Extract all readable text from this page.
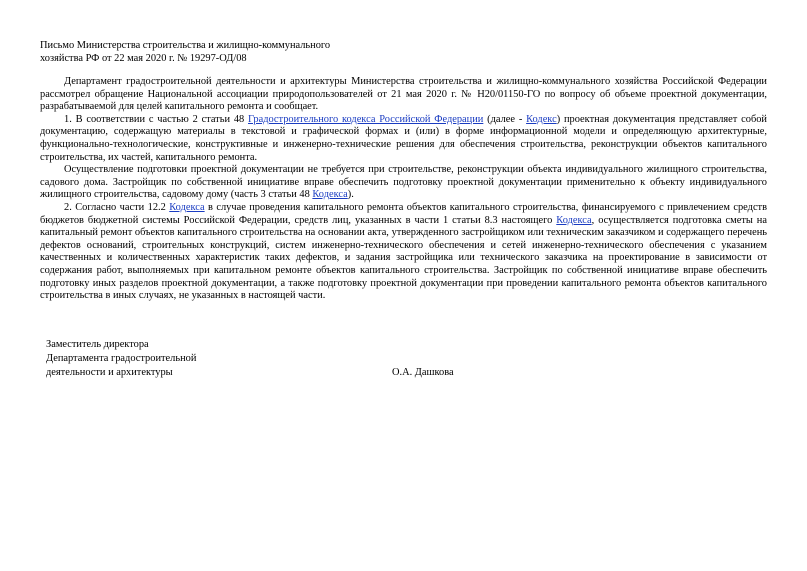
Письмо Министерства строительства и жилищно-коммунального
хозяйства РФ от 22 мая 2020 г. № 19297-ОД/08

Департамент градостроительной деятельности и архитектуры Министерства строительства и жилищно-коммунального хозяйства Российской Федерации рассмотрел обращение Национальной ассоциации природопользователей от 21 мая 2020 г. № Н20/01150-ГО по вопросу об объеме проектной документации, разрабатываемой для целей капитального ремонта и сообщает.

1. В соответствии с частью 2 статьи 48 Градостроительного кодекса Российской Федерации (далее - Кодекс) проектная документация представляет собой документацию, содержащую материалы в текстовой и графической формах и (или) в форме информационной модели и определяющую архитектурные, функционально-технологические, конструктивные и инженерно-технические решения для обеспечения строительства, реконструкции объектов капитального строительства, их частей, капитального ремонта.

Осуществление подготовки проектной документации не требуется при строительстве, реконструкции объекта индивидуального жилищного строительства, садового дома. Застройщик по собственной инициативе вправе обеспечить подготовку проектной документации применительно к объекту индивидуального жилищного строительства, садовому дому (часть 3 статьи 48 Кодекса).

2. Согласно части 12.2 Кодекса в случае проведения капитального ремонта объектов капитального строительства, финансируемого с привлечением средств бюджетов бюджетной системы Российской Федерации, средств лиц, указанных в части 1 статьи 8.3 настоящего Кодекса, осуществляется подготовка сметы на капитальный ремонт объектов капитального строительства на основании акта, утвержденного застройщиком или техническим заказчиком и содержащего перечень дефектов оснований, строительных конструкций, систем инженерно-технического обеспечения и сетей инженерно-технического обеспечения с указанием качественных и количественных характеристик таких дефектов, и задания застройщика или технического заказчика на проектирование в зависимости от содержания работ, выполняемых при капитальном ремонте объектов капитального строительства. Застройщик по собственной инициативе вправе обеспечить подготовку иных разделов проектной документации, а также подготовку проектной документации при проведении капитального ремонта объектов капитального строительства в иных случаях, не указанных в настоящей части.

Заместитель директора
Департамента градостроительной
деятельности и архитектуры	О.А. Дашкова
